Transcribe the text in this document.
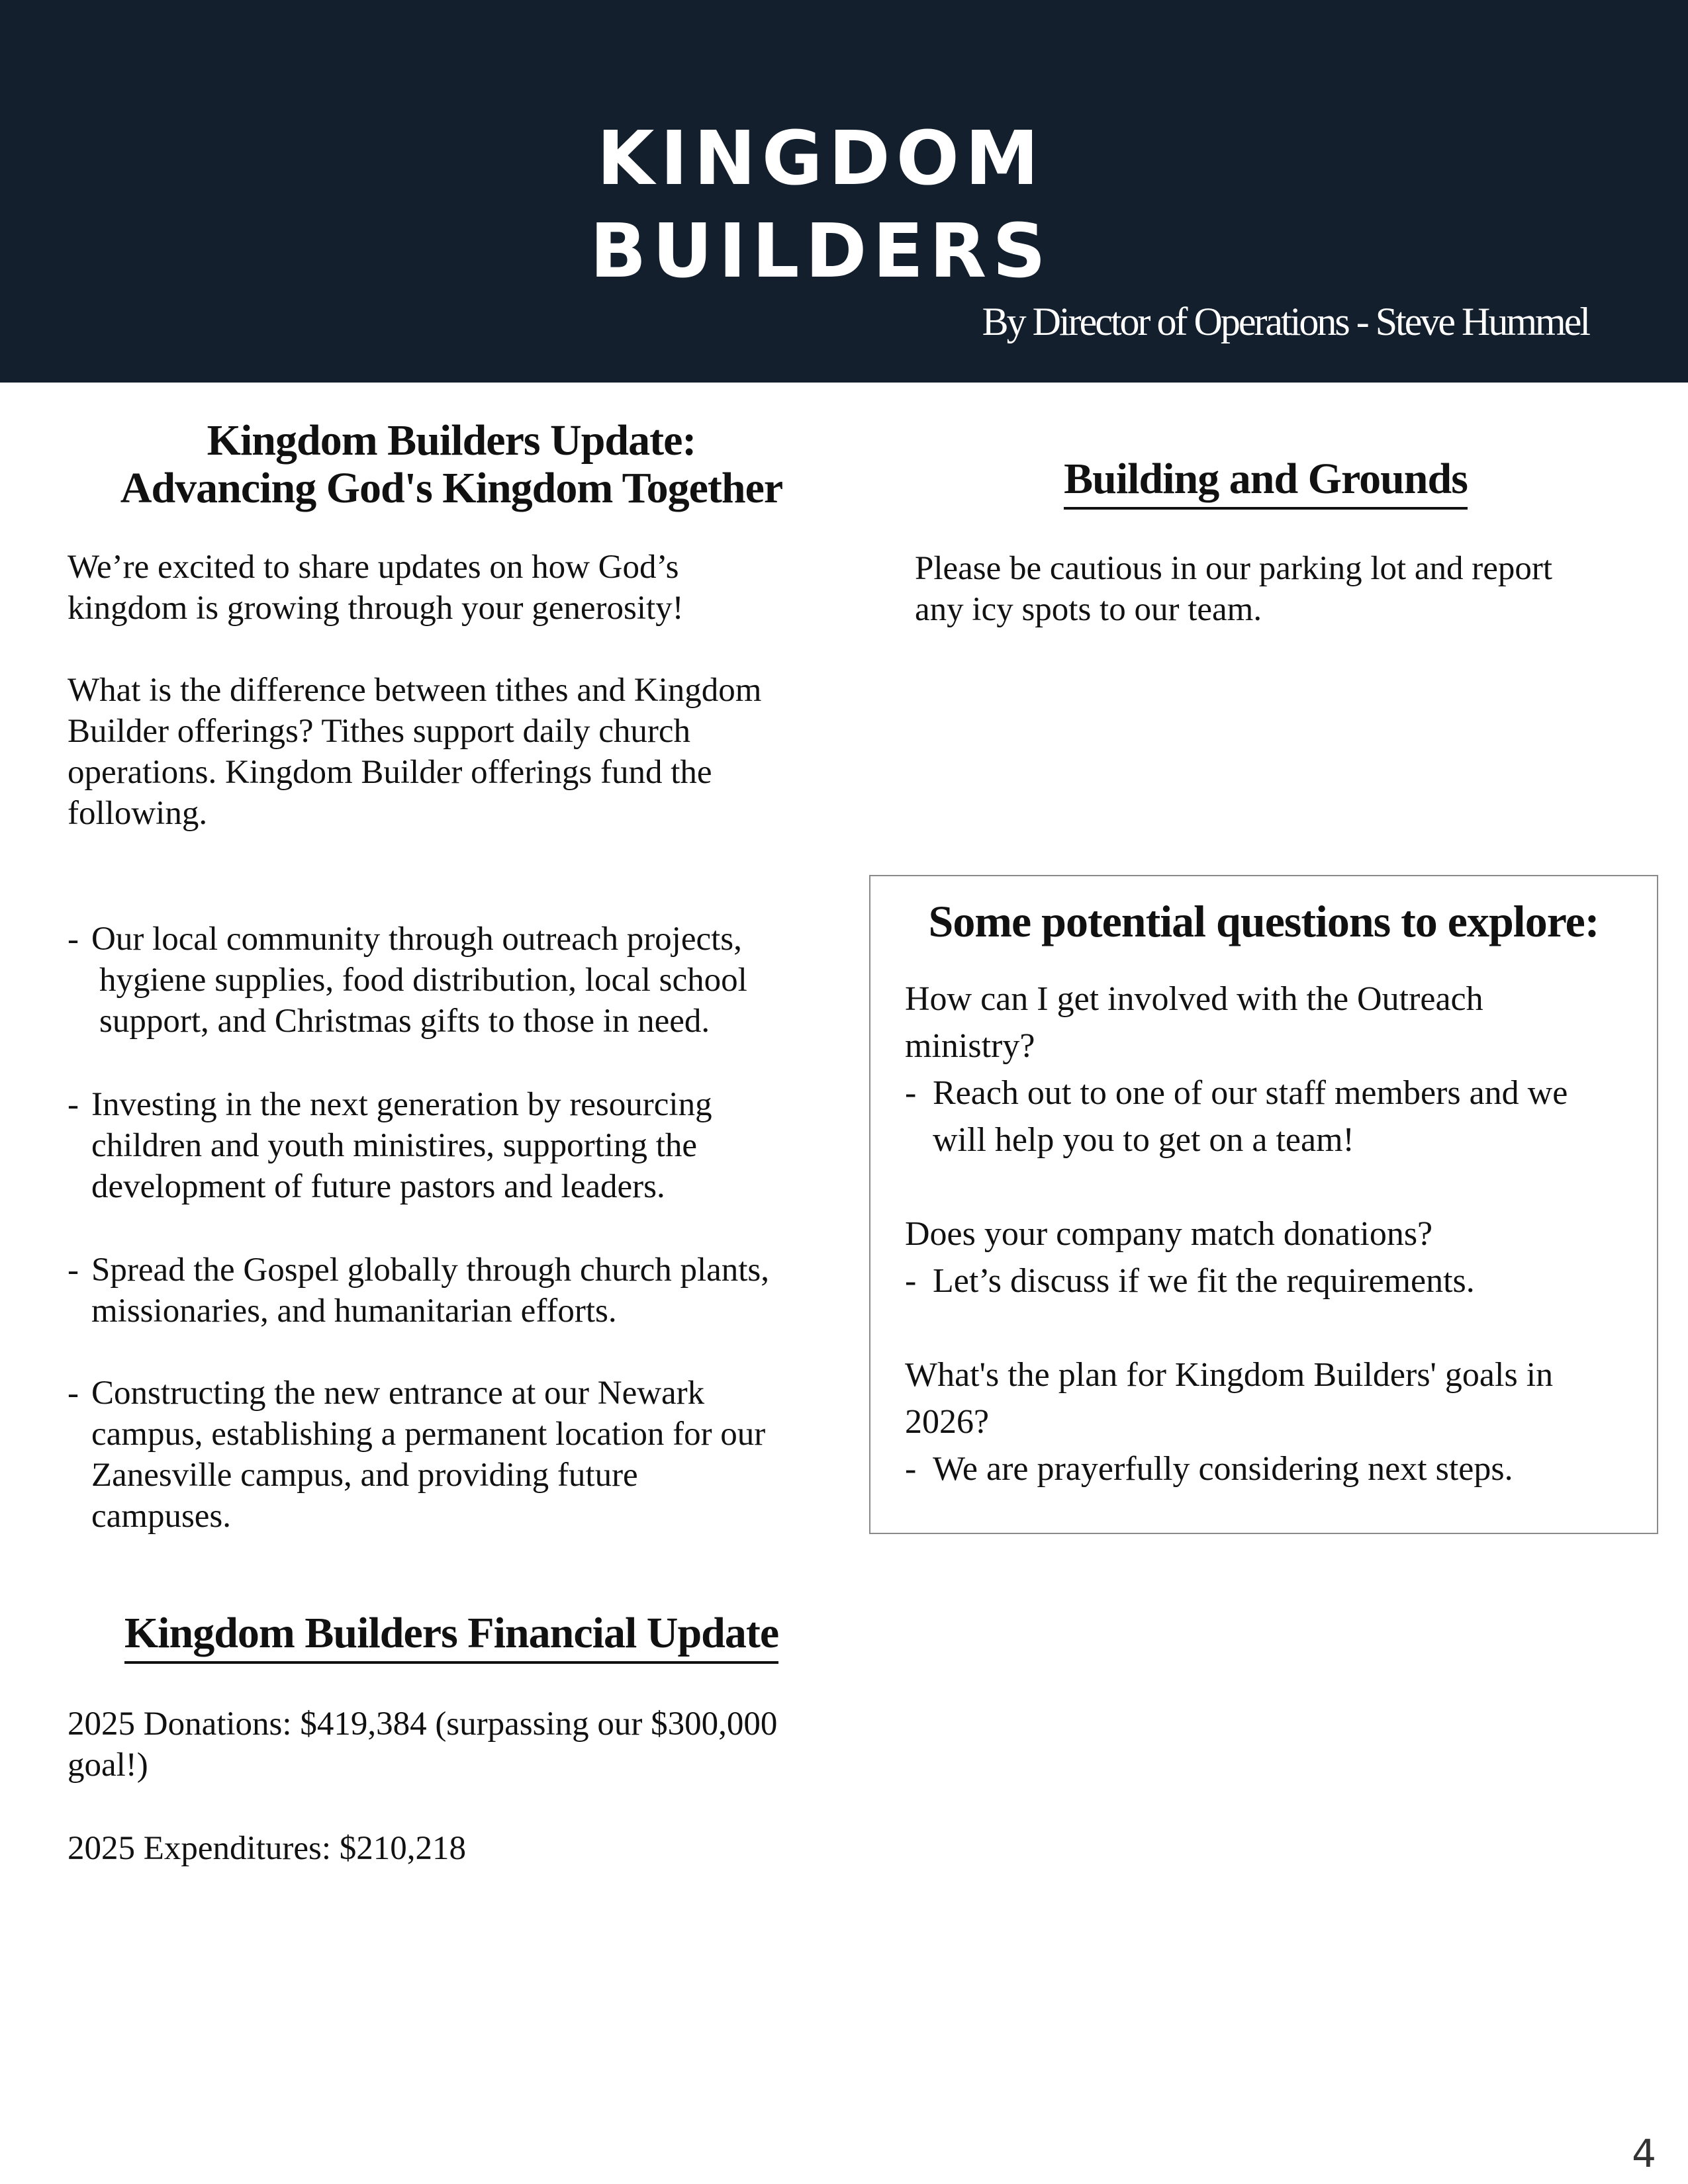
KINGDOM
BUILDERS
By Director of Operations - Steve Hummel
Kingdom Builders Update:
Advancing God's Kingdom Together
We’re excited to share updates on how God’s
kingdom is growing through your generosity!
What is the difference between tithes and Kingdom
Builder offerings? Tithes support daily church
operations. Kingdom Builder offerings fund the
following.
- Our local community through outreach projects,
hygiene supplies, food distribution, local school
support, and Christmas gifts to those in need.
- Investing in the next generation by resourcing
children and youth ministires, supporting the
development of future pastors and leaders.
- Spread the Gospel globally through church plants,
missionaries, and humanitarian efforts.
- Constructing the new entrance at our Newark
campus, establishing a permanent location for our
Zanesville campus, and providing future
campuses.
Kingdom Builders Financial Update
2025 Donations: $419,384 (surpassing our $300,000
goal!)
2025 Expenditures: $210,218
Building and Grounds
Please be cautious in our parking lot and report
any icy spots to our team.
Some potential questions to explore:
How can I get involved with the Outreach
ministry?
- Reach out to one of our staff members and we
will help you to get on a team!
Does your company match donations?
- Let’s discuss if we fit the requirements.
What's the plan for Kingdom Builders' goals in
2026?
- We are prayerfully considering next steps.
4
